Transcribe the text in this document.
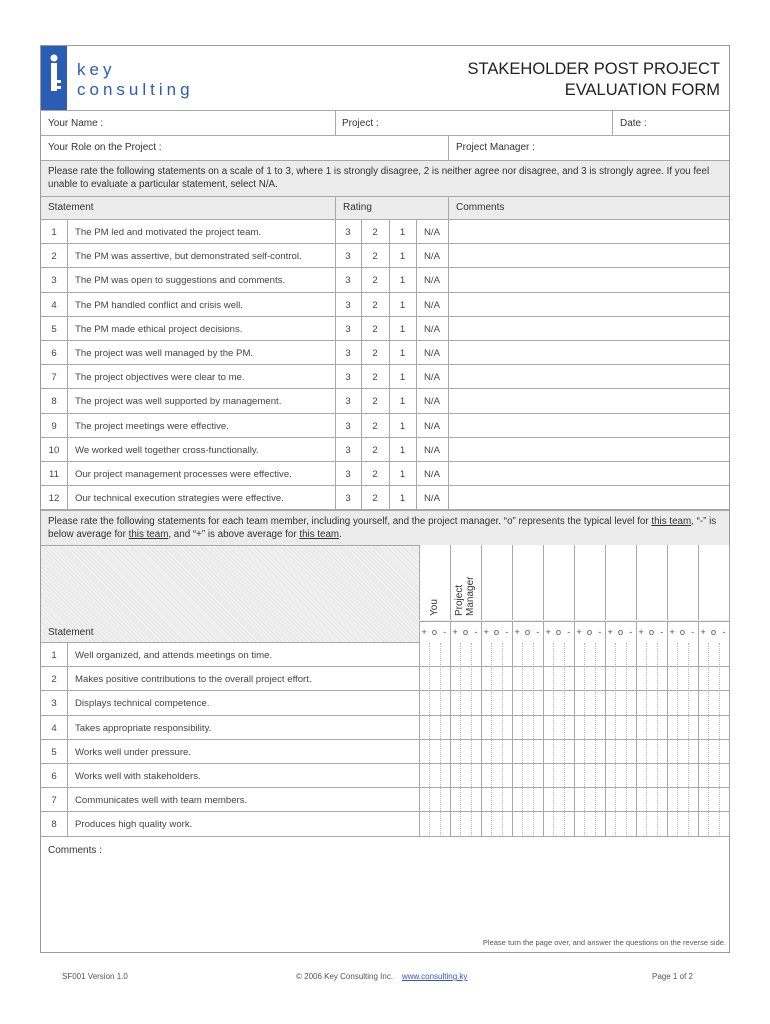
key
consulting
STAKEHOLDER POST PROJECT
EVALUATION FORM
Your Name :	Project :	Date :
Your Role on the Project :	Project Manager :
Please rate the following statements on a scale of 1 to 3, where 1 is strongly disagree, 2 is neither agree nor disagree, and 3 is strongly agree. If you feel unable to evaluate a particular statement, select N/A.
Statement	Rating	Comments
1	The PM led and motivated the project team.	3	2	1	N/A
2	The PM was assertive, but demonstrated self-control.	3	2	1	N/A
3	The PM was open to suggestions and comments.	3	2	1	N/A
4	The PM handled conflict and crisis well.	3	2	1	N/A
5	The PM made ethical project decisions.	3	2	1	N/A
6	The project was well managed by the PM.	3	2	1	N/A
7	The project objectives were clear to me.	3	2	1	N/A
8	The project was well supported by management.	3	2	1	N/A
9	The project meetings were effective.	3	2	1	N/A
10	We worked well together cross-functionally.	3	2	1	N/A
11	Our project management processes were effective.	3	2	1	N/A
12	Our technical execution strategies were effective.	3	2	1	N/A
Please rate the following statements for each team member, including yourself, and the project manager. “o” represents the typical level for this team, “-” is below average for this team, and “+” is above average for this team.
Statement
You Project Manager
+ o - + o - + o - + o - + o - + o - + o - + o - + o - + o -
1	Well organized, and attends meetings on time.
2	Makes positive contributions to the overall project effort.
3	Displays technical competence.
4	Takes appropriate responsibility.
5	Works well under pressure.
6	Works well with stakeholders.
7	Communicates well with team members.
8	Produces high quality work.
Comments :
Please turn the page over, and answer the questions on the reverse side.
SF001 Version 1.0	© 2006 Key Consulting Inc. www.consulting.ky	Page 1 of 2
